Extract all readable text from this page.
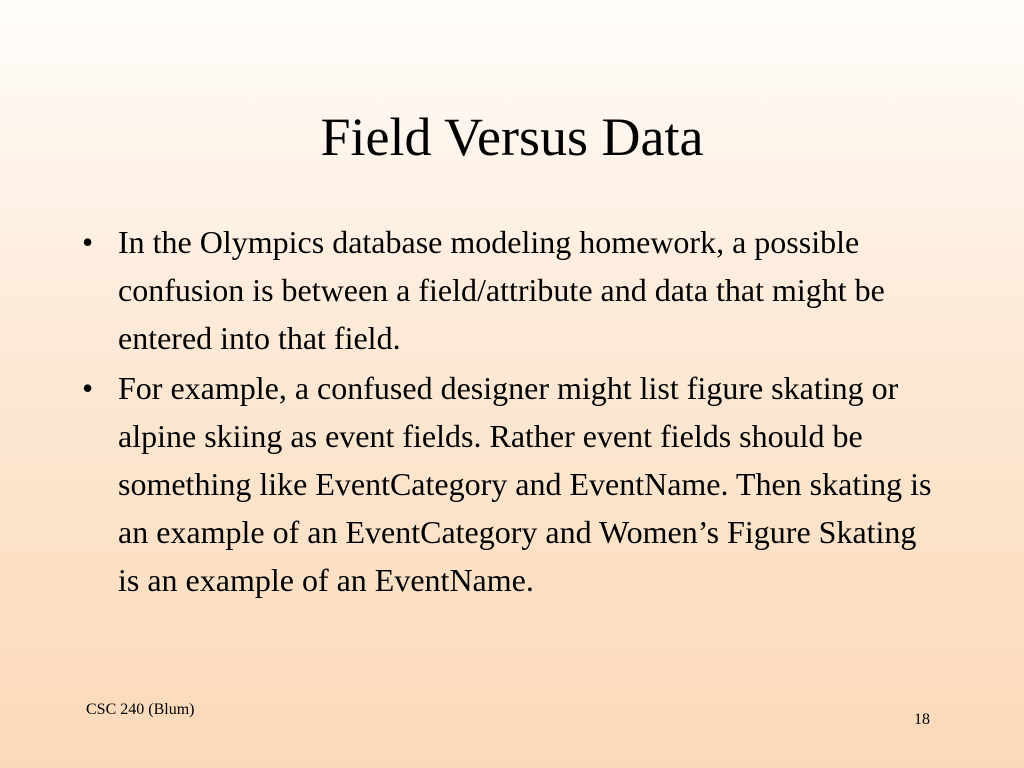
Field Versus Data
• In the Olympics database modeling homework, a possible confusion is between a field/attribute and data that might be entered into that field.
• For example, a confused designer might list figure skating or alpine skiing as event fields. Rather event fields should be something like EventCategory and EventName. Then skating is an example of an EventCategory and Women’s Figure Skating is an example of an EventName.
CSC 240 (Blum)
18
